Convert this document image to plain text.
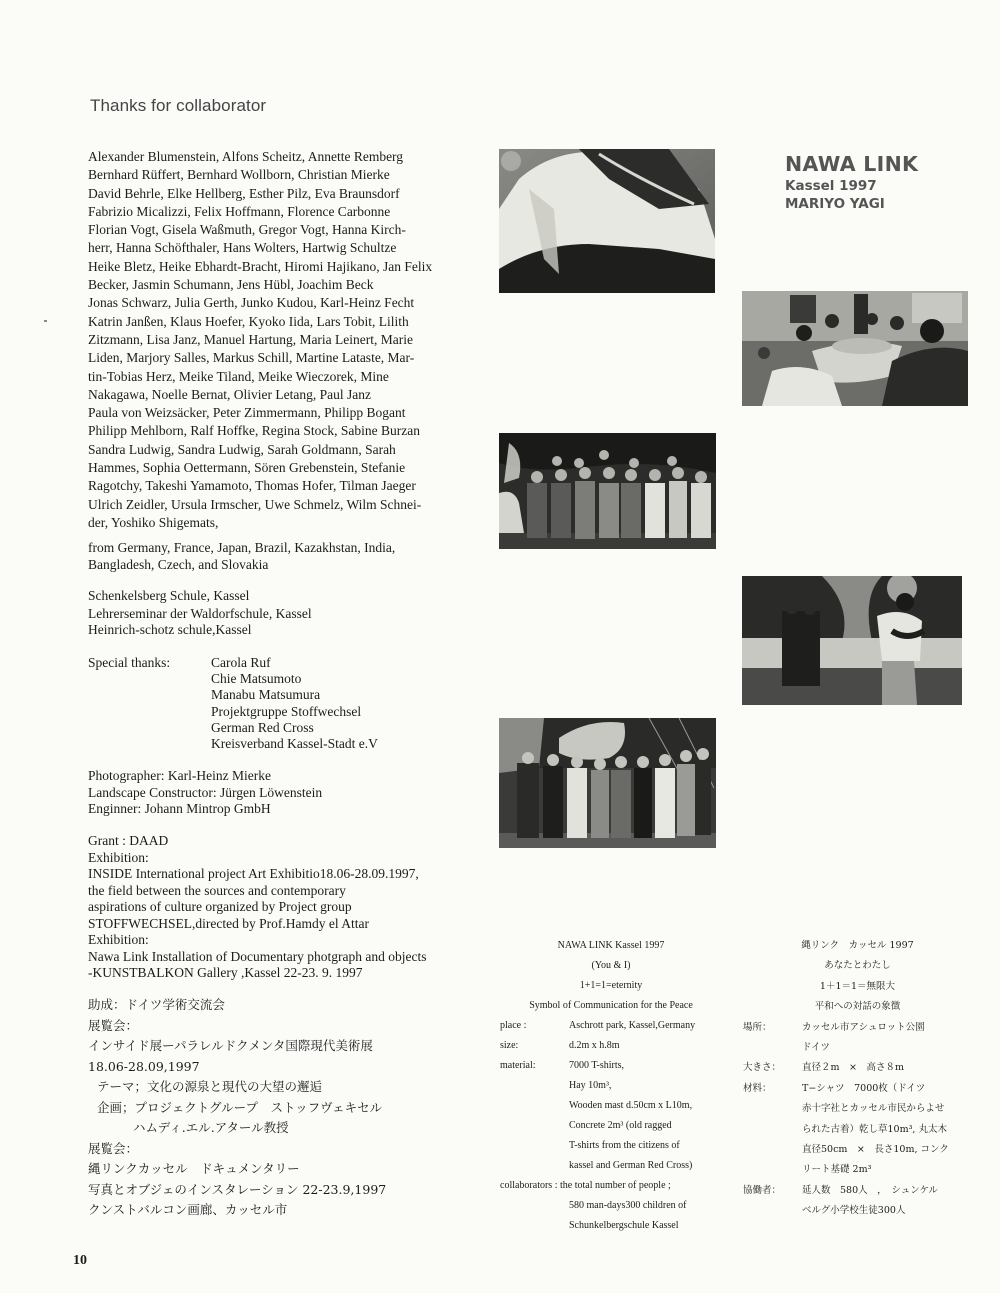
Thanks for collaborator
Alexander Blumenstein, Alfons Scheitz, Annette Remberg
Bernhard Rüffert, Bernhard Wollborn, Christian Mierke
David Behrle, Elke Hellberg, Esther Pilz, Eva Braunsdorf
Fabrizio Micalizzi, Felix Hoffmann, Florence Carbonne
Florian Vogt, Gisela Waßmuth, Gregor Vogt, Hanna Kirch-
herr, Hanna Schöfthaler, Hans Wolters, Hartwig Schultze
Heike Bletz, Heike Ebhardt-Bracht, Hiromi Hajikano, Jan Felix
Becker, Jasmin Schumann, Jens Hübl, Joachim Beck
Jonas Schwarz, Julia Gerth, Junko Kudou, Karl-Heinz Fecht
Katrin Janßen, Klaus Hoefer, Kyoko Iida, Lars Tobit, Lilith
Zitzmann, Lisa Janz, Manuel Hartung, Maria Leinert, Marie
Liden, Marjory Salles, Markus Schill, Martine Lataste, Mar-
tin-Tobias Herz, Meike Tiland, Meike Wieczorek, Mine
Nakagawa, Noelle Bernat, Olivier Letang, Paul Janz
Paula von Weizsäcker, Peter Zimmermann, Philipp Bogant
Philipp Mehlborn, Ralf Hoffke, Regina Stock, Sabine Burzan
Sandra Ludwig, Sandra Ludwig, Sarah Goldmann, Sarah
Hammes, Sophia Oettermann, Sören Grebenstein, Stefanie
Ragotchy, Takeshi Yamamoto, Thomas Hofer, Tilman Jaeger
Ulrich Zeidler, Ursula Irmscher, Uwe Schmelz, Wilm Schnei-
der, Yoshiko Shigemats,
from Germany, France, Japan, Brazil, Kazakhstan, India,
Bangladesh, Czech, and Slovakia
Schenkelsberg Schule, Kassel
Lehrerseminar der Waldorfschule, Kassel
Heinrich-schotz schule,Kassel
Special thanks:	Carola Ruf
Chie Matsumoto
Manabu Matsumura
Projektgruppe Stoffwechsel
German Red Cross
Kreisverband Kassel-Stadt e.V
Photographer: Karl-Heinz Mierke
Landscape Constructor: Jürgen Löwenstein
Enginner: Johann Mintrop GmbH
Grant : DAAD
Exhibition:
INSIDE International project Art Exhibitio18.06-28.09.1997,
the field between the sources and contemporary
aspirations of culture organized by Project group
STOFFWECHSEL,directed by Prof.Hamdy el Attar
Exhibition:
Nawa Link Installation of Documentary photgraph and objects
-KUNSTBALKON Gallery ,Kassel 22-23. 9. 1997
助成：ドイツ学術交流会
展覧会：
インサイド展ーパラレルドクメンタ国際現代美術展
18.06-28.09,1997
テーマ；文化の源泉と現代の大望の邂逅
企画；プロジェクトグループ　ストッフヴェキセル
ハムディ.エル.アタール教授
展覧会：
縄リンクカッセル　ドキュメンタリー
写真とオブジェのインスタレーション 22-23.9,1997
クンストバルコン画廊、カッセル市
10
NAWA LINK
Kassel 1997
MARIYO YAGI
NAWA LINK Kassel 1997
(You & I)
1+1=1=eternity
Symbol of Communication for the Peace
place :	Aschrott park, Kassel,Germany
size:	d.2m x h.8m
material:	7000 T-shirts,
Hay 10m³,
Wooden mast d.50cm x L10m,
Concrete 2m³ (old ragged
T-shirts from the citizens of
kassel and German Red Cross)
collaborators : the total number of people ;
580 man-days300 children of
Schunkelbergschule Kassel
縄リンク　カッセル 1997
あなたとわたし
1＋1＝1＝無限大
平和への対話の象徴
場所：	カッセル市アシュロット公園
ドイツ
大きさ： 直径２m　×　高さ８m
材料：	T−シャツ　7000枚（ドイツ
赤十字社とカッセル市民からよせ
られた古着）乾し草10m³, 丸太木
直径50cm　×　長さ10m, コンク
リート基礎 2m³
協働者： 延人数　580人　，　シュンケル
ベルグ小学校生徒300人
